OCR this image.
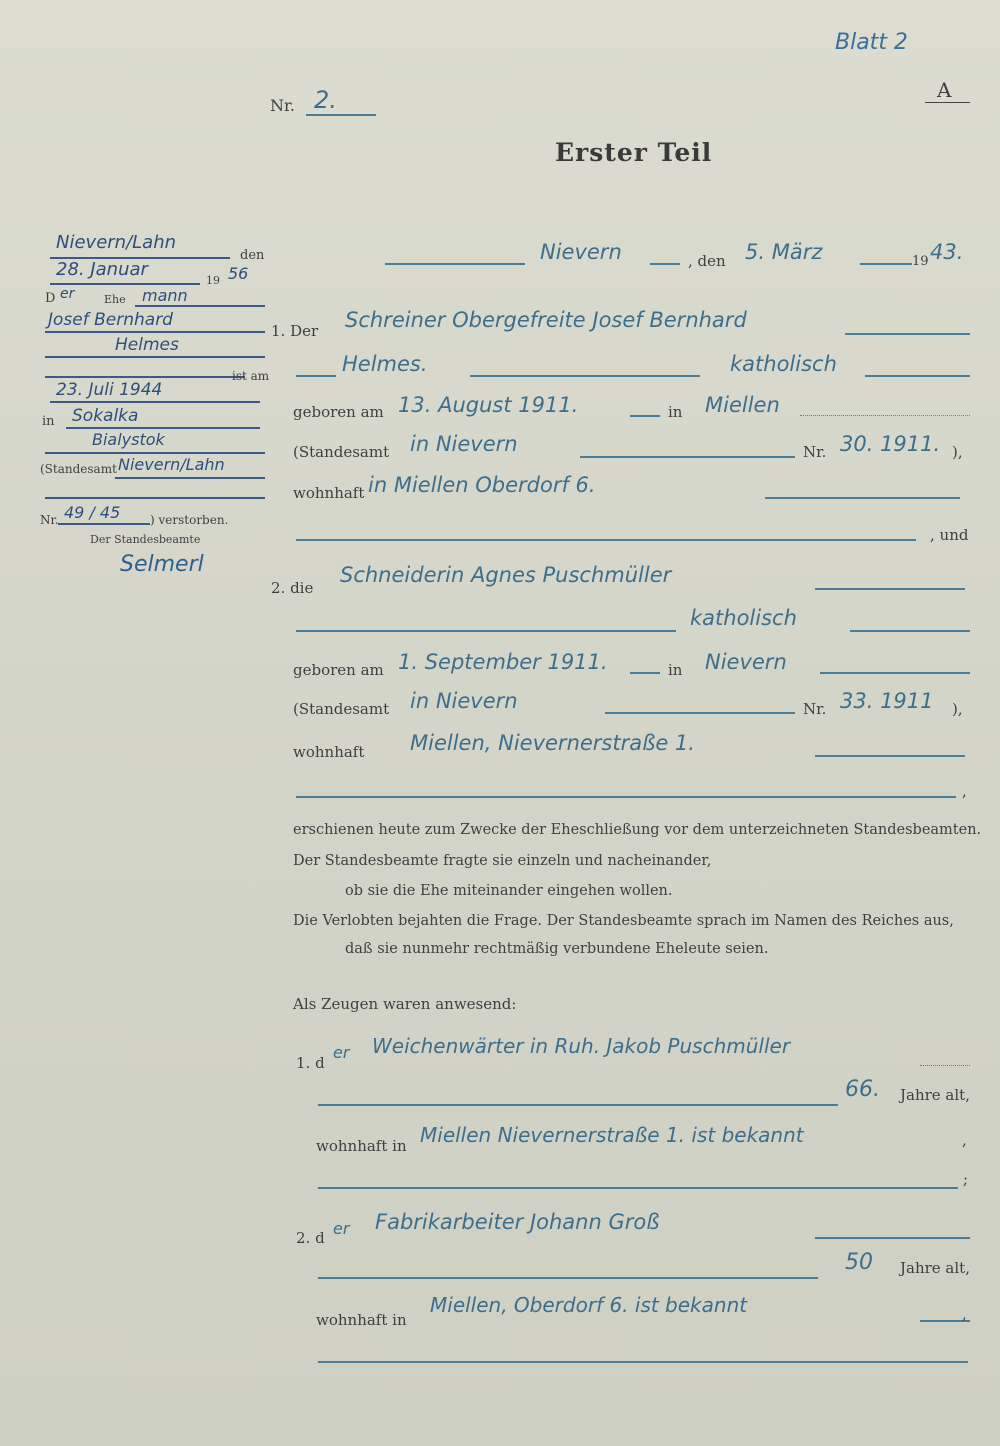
Blatt 2
A
Nr. 2.
Erster Teil
Nievern/Lahn
den
28. Januar
19 56
D er	Ehe mann
Josef Bernhard
Helmes
ist am
23. Juli 1944
in Sokalka
Bialystok
(Standesamt Nievern/Lahn
Nr. 49 / 45 ) verstorben.
Der Standesbeamte
Selmerl
Nievern	, den 5. März	19 43.
1. Der Schreiner Obergefreite Josef Bernhard
Helmes.	katholisch
geboren am 13. August 1911.	in Miellen
(Standesamt in Nievern	Nr. 30. 1911. ),
wohnhaft in Miellen Oberdorf 6.
, und
2. die
Schneiderin Agnes Puschmüller
katholisch
geboren am 1. September 1911.	in Nievern
(Standesamt in Nievern	Nr. 33. 1911 ),
wohnhaft Miellen, Nievernerstraße 1.
,
erschienen heute zum Zwecke der Eheschließung vor dem unterzeichneten Standesbeamten.
Der Standesbeamte fragte sie einzeln und nacheinander,
ob sie die Ehe miteinander eingehen wollen.
Die Verlobten bejahten die Frage. Der Standesbeamte sprach im Namen des Reiches aus,
daß sie nunmehr rechtmäßig verbundene Eheleute seien.
Als Zeugen waren anwesend:
1. d
er Weichenwärter in Ruh. Jakob Puschmüller
66. Jahre alt,
wohnhaft in Miellen Nievernerstraße 1. ist bekannt	,
;
2. d er Fabrikarbeiter Johann Groß
50 Jahre alt,
wohnhaft in
Miellen, Oberdorf 6. ist bekannt	,
